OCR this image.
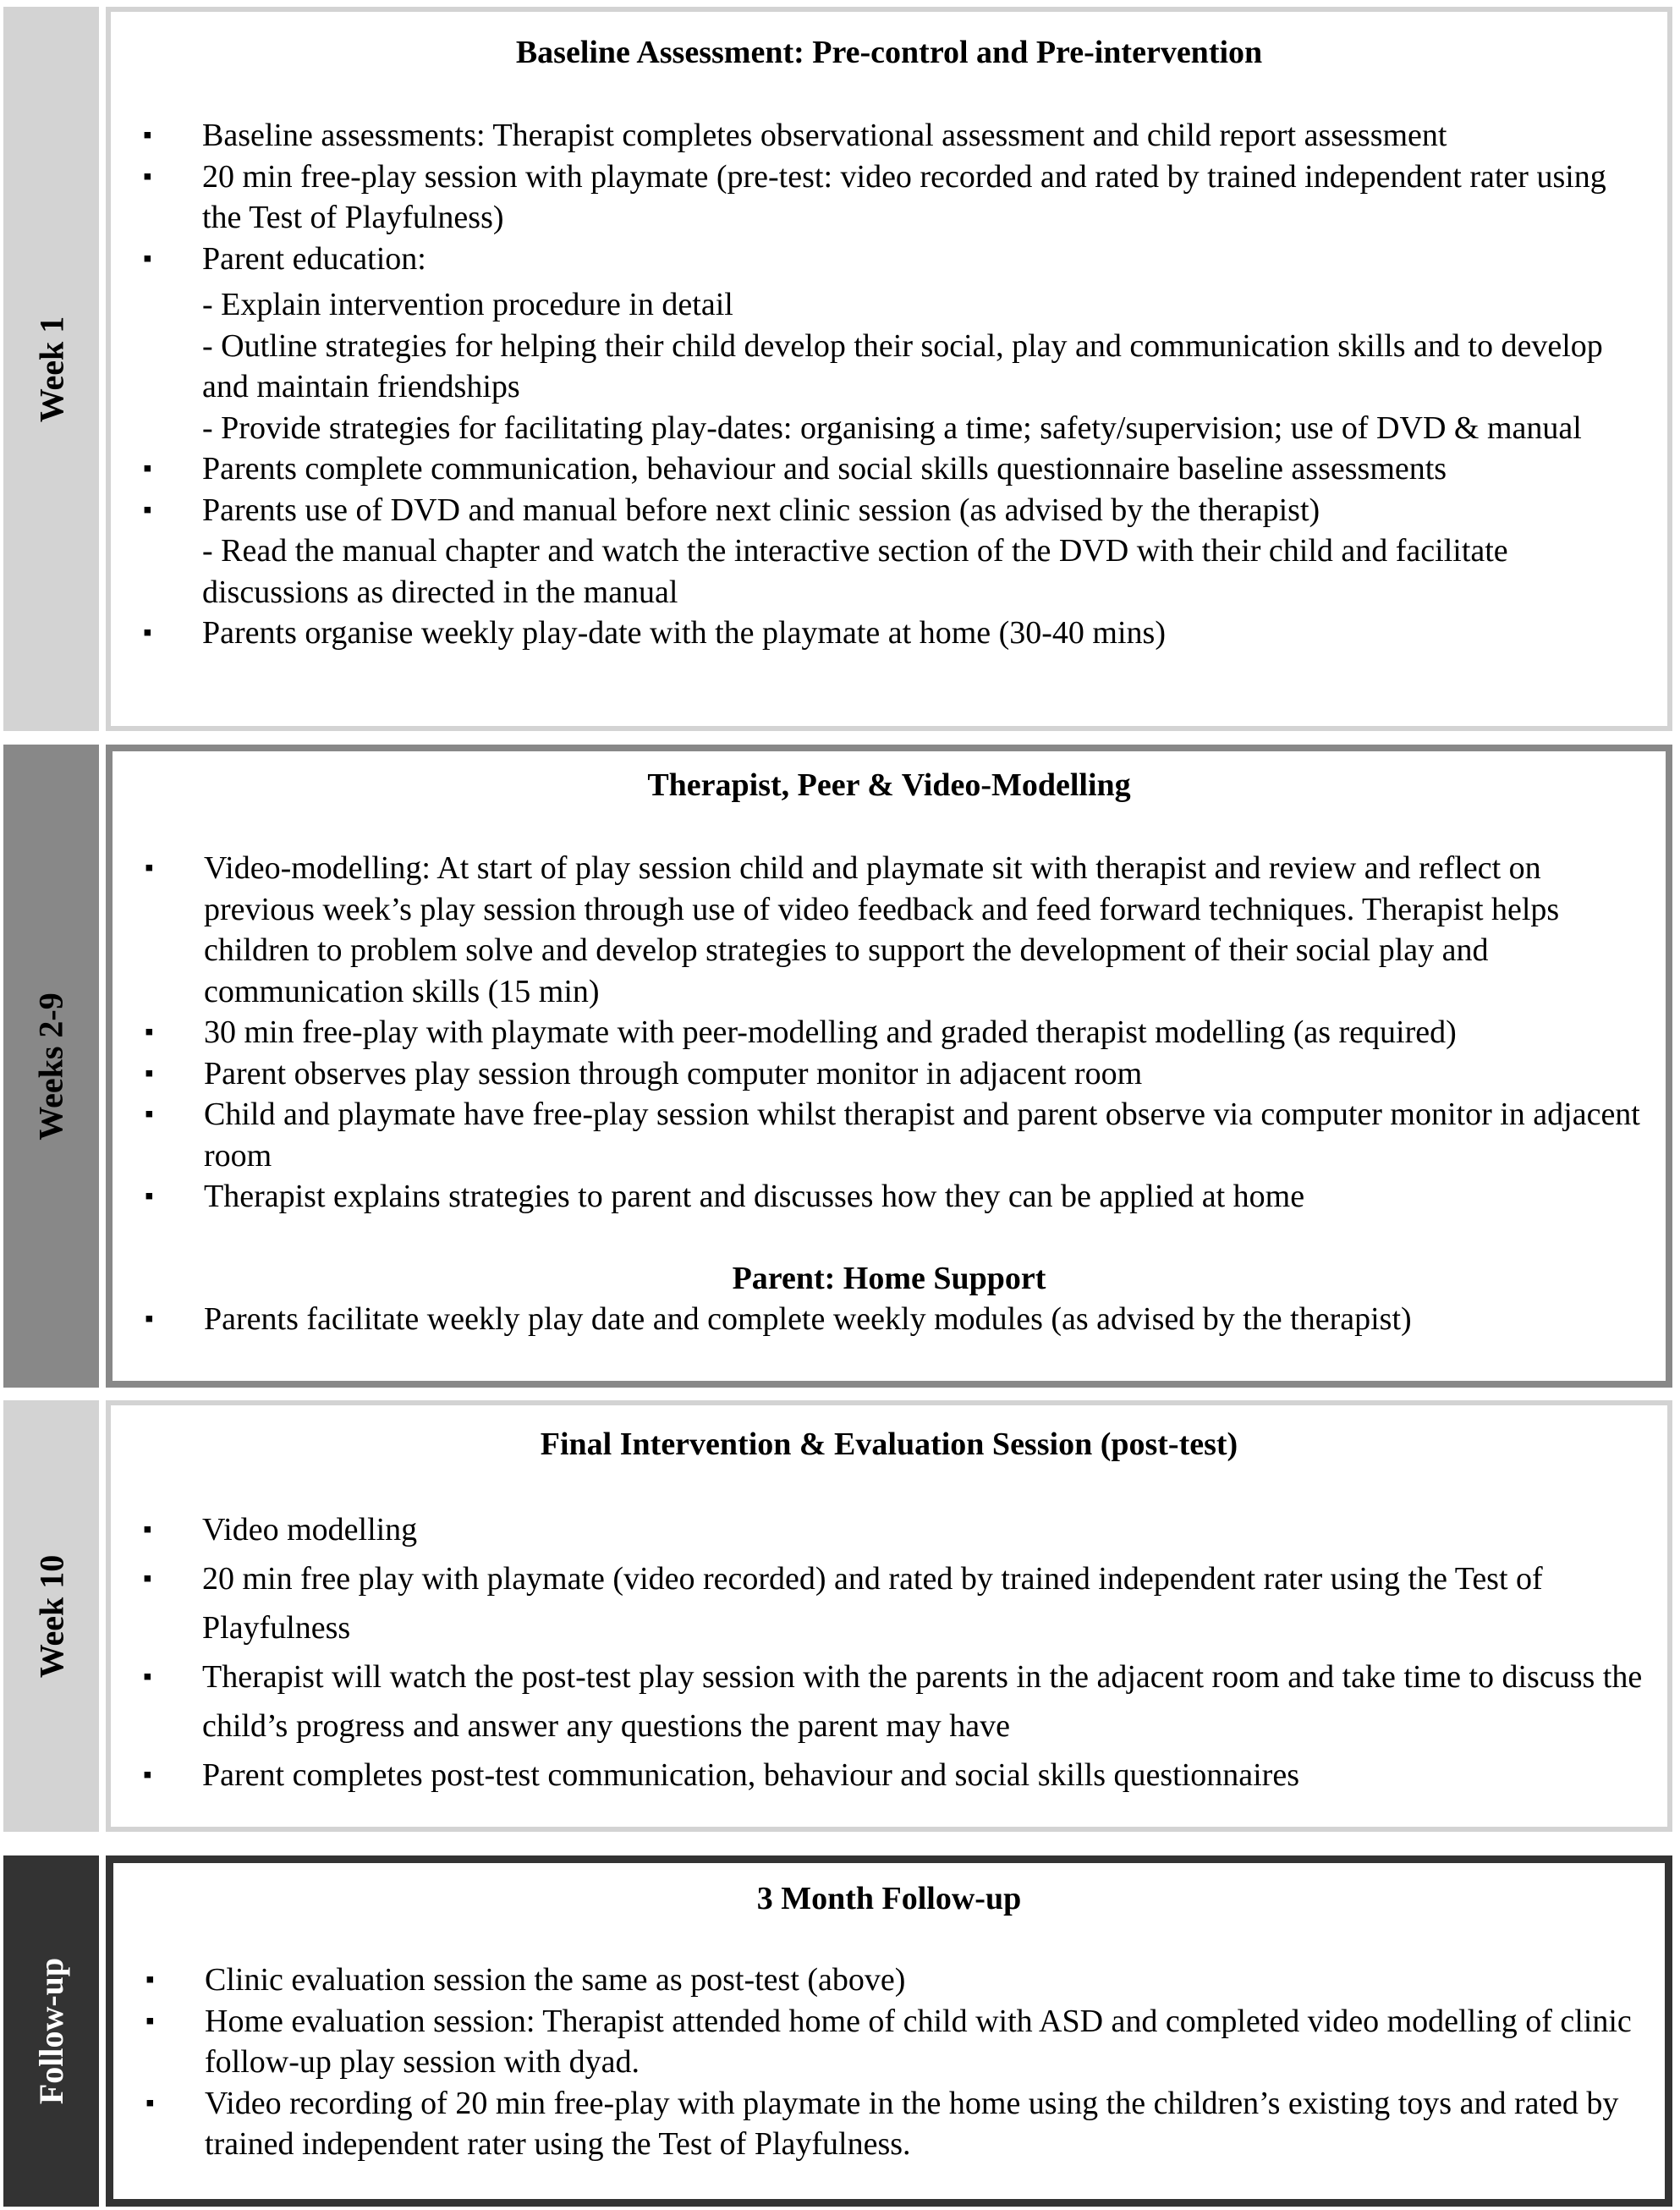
Week 1
Baseline Assessment: Pre-control and Pre-intervention
▪ Baseline assessments: Therapist completes observational assessment and child report assessment
▪ 20 min free-play session with playmate (pre-test: video recorded and rated by trained independent rater using the Test of Playfulness)
▪ Parent education:
- Explain intervention procedure in detail
- Outline strategies for helping their child develop their social, play and communication skills and to develop and maintain friendships
- Provide strategies for facilitating play-dates: organising a time; safety/supervision; use of DVD & manual
▪ Parents complete communication, behaviour and social skills questionnaire baseline assessments
▪ Parents use of DVD and manual before next clinic session (as advised by the therapist)
- Read the manual chapter and watch the interactive section of the DVD with their child and facilitate discussions as directed in the manual
▪ Parents organise weekly play-date with the playmate at home (30-40 mins)
Weeks 2-9
Therapist, Peer & Video-Modelling
▪ Video-modelling: At start of play session child and playmate sit with therapist and review and reflect on previous week’s play session through use of video feedback and feed forward techniques. Therapist helps children to problem solve and develop strategies to support the development of their social play and communication skills (15 min)
▪ 30 min free-play with playmate with peer-modelling and graded therapist modelling (as required)
▪ Parent observes play session through computer monitor in adjacent room
▪ Child and playmate have free-play session whilst therapist and parent observe via computer monitor in adjacent room
▪ Therapist explains strategies to parent and discusses how they can be applied at home
Parent: Home Support
▪ Parents facilitate weekly play date and complete weekly modules (as advised by the therapist)
Week 10
Final Intervention & Evaluation Session (post-test)
▪ Video modelling
▪ 20 min free play with playmate (video recorded) and rated by trained independent rater using the Test of Playfulness
▪ Therapist will watch the post-test play session with the parents in the adjacent room and take time to discuss the child’s progress and answer any questions the parent may have
▪ Parent completes post-test communication, behaviour and social skills questionnaires
Follow-up
3 Month Follow-up
▪ Clinic evaluation session the same as post-test (above)
▪ Home evaluation session: Therapist attended home of child with ASD and completed video modelling of clinic follow-up play session with dyad.
▪ Video recording of 20 min free-play with playmate in the home using the children’s existing toys and rated by trained independent rater using the Test of Playfulness.
